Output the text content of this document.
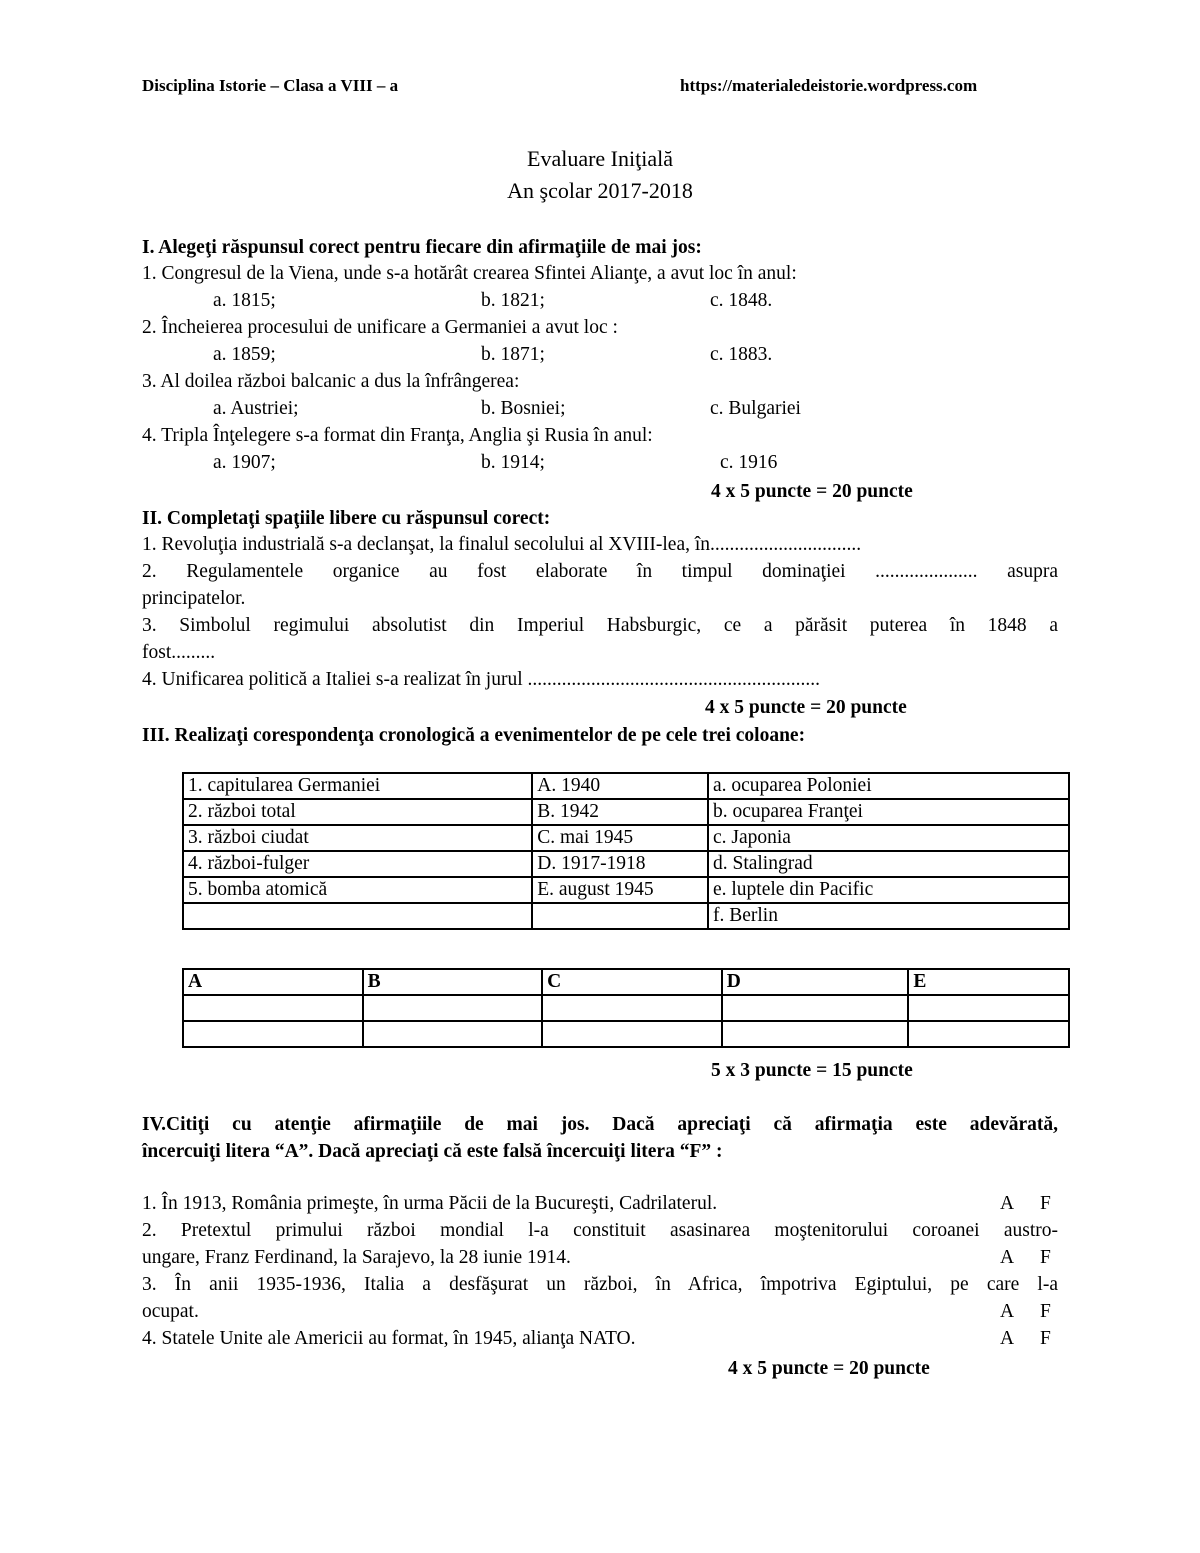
Disciplina Istorie – Clasa a VIII – a	https://materialedeistorie.wordpress.com
Evaluare Iniţială
An şcolar 2017-2018
I. Alegeţi răspunsul corect pentru fiecare din afirmaţiile de mai jos:
1. Congresul de la Viena, unde s-a hotărât crearea Sfintei Alianţe, a avut loc în anul:
a. 1815;	b. 1821;	c. 1848.
2. Încheierea procesului de unificare a Germaniei a avut loc :
a. 1859;	b. 1871;	c. 1883.
3. Al doilea război balcanic a dus la înfrângerea:
a. Austriei;	b. Bosniei;	c. Bulgariei
4. Tripla Înţelegere s-a format din Franţa, Anglia şi Rusia în anul:
a. 1907;	b. 1914;	c. 1916
4 x 5 puncte = 20 puncte
II. Completaţi spaţiile libere cu răspunsul corect:
1. Revoluţia industrială s-a declanşat, la finalul secolului al XVIII-lea, în...............................
2. Regulamentele organice au fost elaborate în timpul dominaţiei ..................... asupra
principatelor.
3. Simbolul regimului absolutist din Imperiul Habsburgic, ce a părăsit puterea în 1848 a
fost.........
4. Unificarea politică a Italiei s-a realizat în jurul ............................................................
4 x 5 puncte = 20 puncte
III. Realizaţi corespondenţa cronologică a evenimentelor de pe cele trei coloane:
1. capitularea Germaniei	A. 1940	a. ocuparea Poloniei
2. război total	B. 1942	b. ocuparea Franţei
3. război ciudat	C. mai 1945	c. Japonia
4. război-fulger	D. 1917-1918	d. Stalingrad
5. bomba atomică	E. august 1945	e. luptele din Pacific
		f. Berlin
A	B	C	D	E

5 x 3 puncte = 15 puncte
IV.Citiţi cu atenţie afirmaţiile de mai jos. Dacă apreciaţi că afirmaţia este adevărată,
încercuiţi litera “A”. Dacă apreciaţi că este falsă încercuiţi litera “F” :
1. În 1913, România primeşte, în urma Păcii de la Bucureşti, Cadrilaterul.	A F
2. Pretextul primului război mondial l-a constituit asasinarea moştenitorului coroanei austro-
ungare, Franz Ferdinand, la Sarajevo, la 28 iunie 1914.	A F
3. În anii 1935-1936, Italia a desfăşurat un război, în Africa, împotriva Egiptului, pe care l-a
ocupat.	A F
4. Statele Unite ale Americii au format, în 1945, alianţa NATO.	A F
4 x 5 puncte = 20 puncte
